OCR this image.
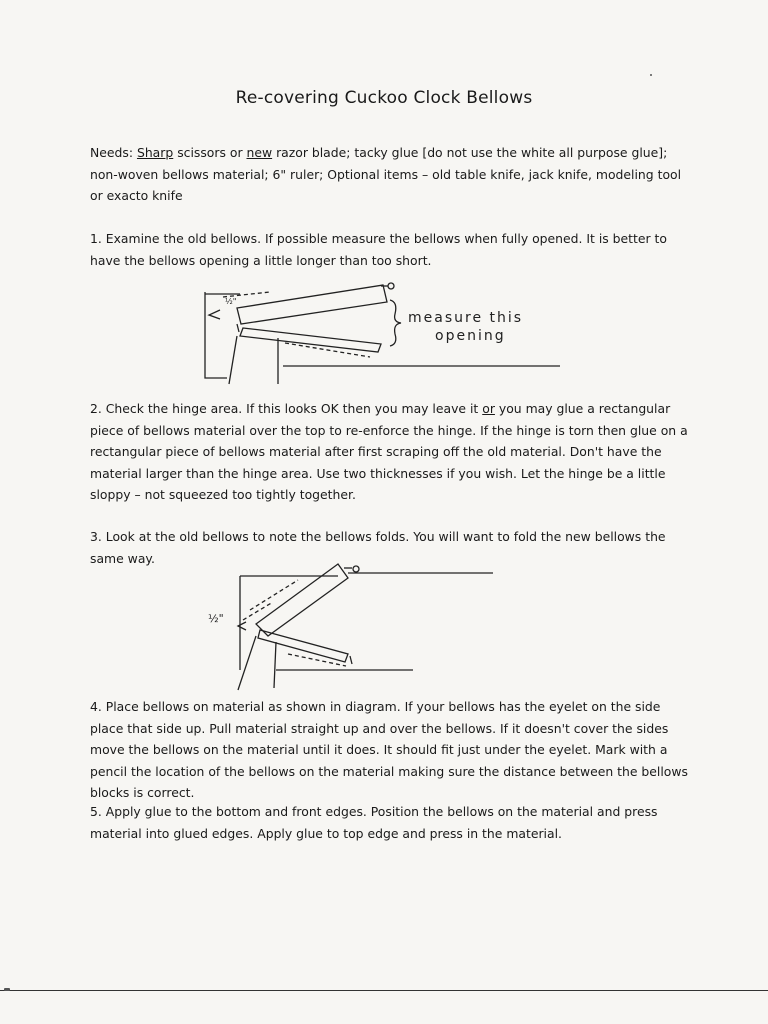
Re-covering Cuckoo Clock Bellows
Needs: Sharp scissors or new razor blade; tacky glue [do not use the white all purpose glue]; non-woven bellows material; 6" ruler; Optional items – old table knife, jack knife, modeling tool or exacto knife
1. Examine the old bellows. If possible measure the bellows when fully opened. It is better to have the bellows opening a little longer than too short.
½"
measure this
opening
2. Check the hinge area. If this looks OK then you may leave it or you may glue a rectangular piece of bellows material over the top to re-enforce the hinge. If the hinge is torn then glue on a rectangular piece of bellows material after first scraping off the old material. Don't have the material larger than the hinge area. Use two thicknesses if you wish. Let the hinge be a little sloppy – not squeezed too tightly together.
3. Look at the old bellows to note the bellows folds. You will want to fold the new bellows the same way.
½"
4. Place bellows on material as shown in diagram. If your bellows has the eyelet on the side place that side up. Pull material straight up and over the bellows. If it doesn't cover the sides move the bellows on the material until it does. It should fit just under the eyelet. Mark with a pencil the location of the bellows on the material making sure the distance between the bellows blocks is correct.
5. Apply glue to the bottom and front edges. Position the bellows on the material and press material into glued edges. Apply glue to top edge and press in the material.
